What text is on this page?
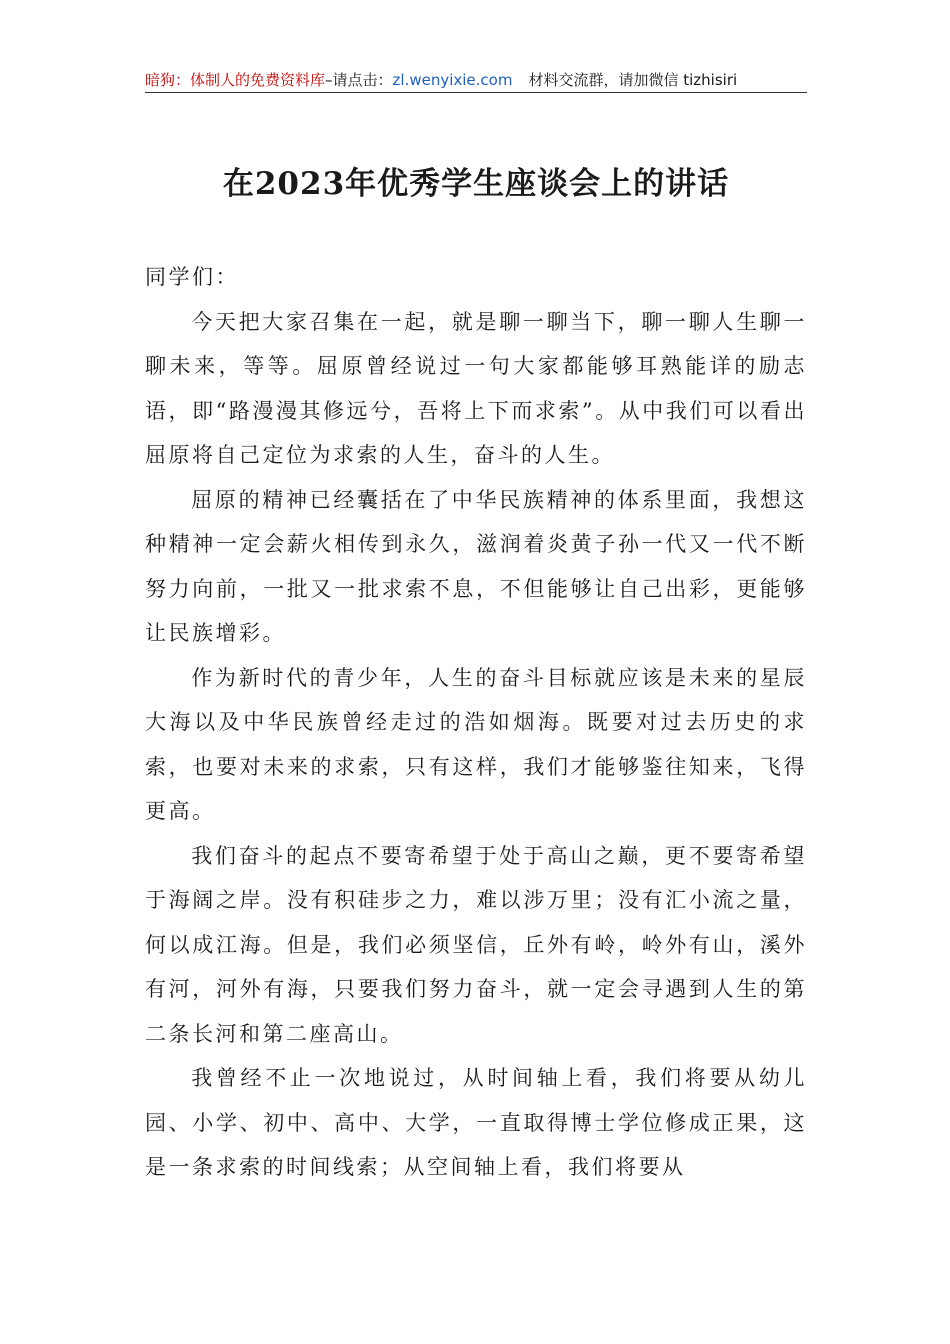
暗狗：体制人的免费资料库–请点击：zl.wenyixie.com 材料交流群，请加微信 tizhisiri
在2023年优秀学生座谈会上的讲话

同学们：

今天把大家召集在一起，就是聊一聊当下，聊一聊人生聊一聊未来，等等。屈原曾经说过一句大家都能够耳熟能详的励志语，即“路漫漫其修远兮，吾将上下而求索”。从中我们可以看出屈原将自己定位为求索的人生，奋斗的人生。

屈原的精神已经囊括在了中华民族精神的体系里面，我想这种精神一定会薪火相传到永久，滋润着炎黄子孙一代又一代不断努力向前，一批又一批求索不息，不但能够让自己出彩，更能够让民族增彩。

作为新时代的青少年，人生的奋斗目标就应该是未来的星辰大海以及中华民族曾经走过的浩如烟海。既要对过去历史的求索，也要对未来的求索，只有这样，我们才能够鉴往知来，飞得更高。

我们奋斗的起点不要寄希望于处于高山之巅，更不要寄希望于海阔之岸。没有积硅步之力，难以涉万里；没有汇小流之量，何以成江海。但是，我们必须坚信，丘外有岭，岭外有山，溪外有河，河外有海，只要我们努力奋斗，就一定会寻遇到人生的第二条长河和第二座高山。

我曾经不止一次地说过，从时间轴上看，我们将要从幼儿园、小学、初中、高中、大学，一直取得博士学位修成正果，这是一条求索的时间线索；从空间轴上看，我们将要从
